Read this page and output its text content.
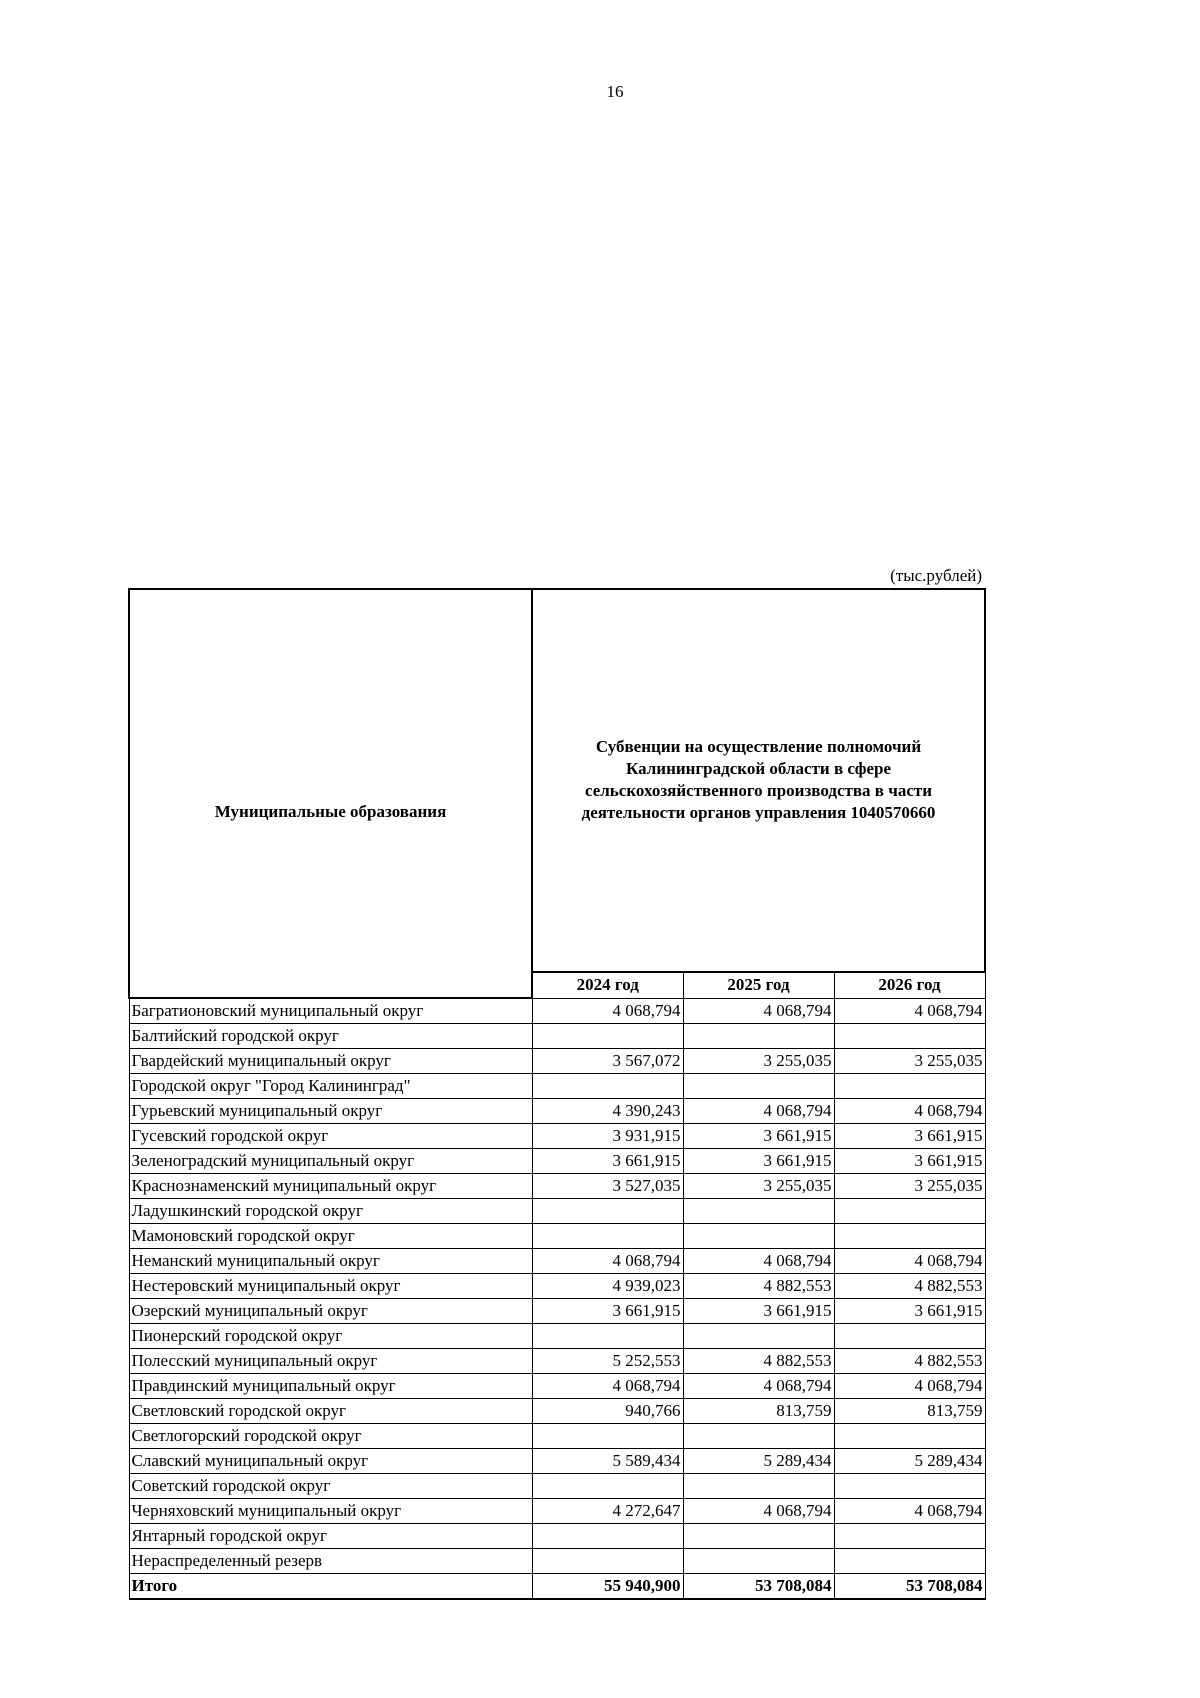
16
(тыс.рублей)
Муниципальные образования	Субвенции на осуществление полномочий Калининградской области в сфере сельскохозяйственного производства в части деятельности органов управления 1040570660		
	2024 год	2025 год	2026 год
Багратионовский муниципальный округ	4 068,794	4 068,794	4 068,794
Балтийский городской округ			
Гвардейский муниципальный округ	3 567,072	3 255,035	3 255,035
Городской округ "Город Калининград"			
Гурьевский муниципальный округ	4 390,243	4 068,794	4 068,794
Гусевский городской округ	3 931,915	3 661,915	3 661,915
Зеленоградский муниципальный округ	3 661,915	3 661,915	3 661,915
Краснознаменский муниципальный округ	3 527,035	3 255,035	3 255,035
Ладушкинский городской округ			
Мамоновский городской округ			
Неманский муниципальный округ	4 068,794	4 068,794	4 068,794
Нестеровский муниципальный округ	4 939,023	4 882,553	4 882,553
Озерский муниципальный округ	3 661,915	3 661,915	3 661,915
Пионерский городской округ			
Полесский муниципальный округ	5 252,553	4 882,553	4 882,553
Правдинский муниципальный округ	4 068,794	4 068,794	4 068,794
Светловский городской округ	940,766	813,759	813,759
Светлогорский городской округ			
Славский муниципальный округ	5 589,434	5 289,434	5 289,434
Советский городской округ			
Черняховский муниципальный округ	4 272,647	4 068,794	4 068,794
Янтарный городской округ			
Нераспределенный резерв			
Итого	55 940,900	53 708,084	53 708,084
